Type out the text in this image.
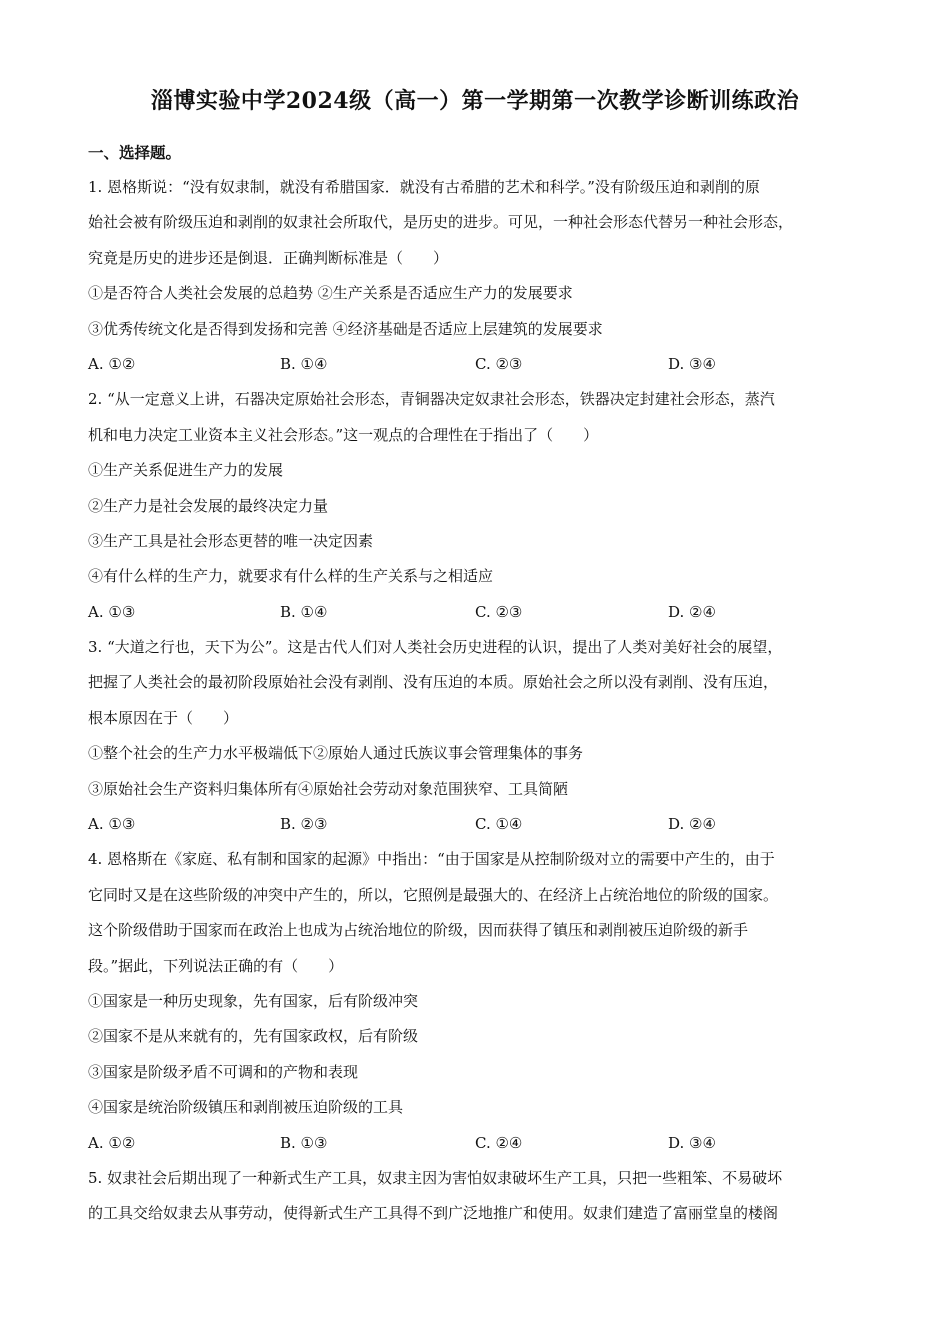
淄博实验中学2024级（高一）第一学期第一次教学诊断训练政治
一、选择题。
1. 恩格斯说：“没有奴隶制，就没有希腊国家．就没有古希腊的艺术和科学。”没有阶级压迫和剥削的原
始社会被有阶级压迫和剥削的奴隶社会所取代，是历史的进步。可见，一种社会形态代替另一种社会形态，
究竟是历史的进步还是倒退．正确判断标准是（　　）
①是否符合人类社会发展的总趋势 ②生产关系是否适应生产力的发展要求
③优秀传统文化是否得到发扬和完善 ④经济基础是否适应上层建筑的发展要求
A. ①②	B. ①④	C. ②③	D. ③④
2. “从一定意义上讲，石器决定原始社会形态，青铜器决定奴隶社会形态，铁器决定封建社会形态，蒸汽
机和电力决定工业资本主义社会形态。”这一观点的合理性在于指出了（　　）
①生产关系促进生产力的发展
②生产力是社会发展的最终决定力量
③生产工具是社会形态更替的唯一决定因素
④有什么样的生产力，就要求有什么样的生产关系与之相适应
A. ①③	B. ①④	C. ②③	D. ②④
3. “大道之行也，天下为公”。这是古代人们对人类社会历史进程的认识，提出了人类对美好社会的展望，
把握了人类社会的最初阶段原始社会没有剥削、没有压迫的本质。原始社会之所以没有剥削、没有压迫，
根本原因在于（　　）
①整个社会的生产力水平极端低下②原始人通过氏族议事会管理集体的事务
③原始社会生产资料归集体所有④原始社会劳动对象范围狭窄、工具简陋
A. ①③	B. ②③	C. ①④	D. ②④
4. 恩格斯在《家庭、私有制和国家的起源》中指出：“由于国家是从控制阶级对立的需要中产生的，由于
它同时又是在这些阶级的冲突中产生的，所以，它照例是最强大的、在经济上占统治地位的阶级的国家。
这个阶级借助于国家而在政治上也成为占统治地位的阶级，因而获得了镇压和剥削被压迫阶级的新手
段。”据此，下列说法正确的有（　　）
①国家是一种历史现象，先有国家，后有阶级冲突
②国家不是从来就有的，先有国家政权，后有阶级
③国家是阶级矛盾不可调和的产物和表现
④国家是统治阶级镇压和剥削被压迫阶级的工具
A. ①②	B. ①③	C. ②④	D. ③④
5. 奴隶社会后期出现了一种新式生产工具，奴隶主因为害怕奴隶破坏生产工具，只把一些粗笨、不易破坏
的工具交给奴隶去从事劳动，使得新式生产工具得不到广泛地推广和使用。奴隶们建造了富丽堂皇的楼阁
